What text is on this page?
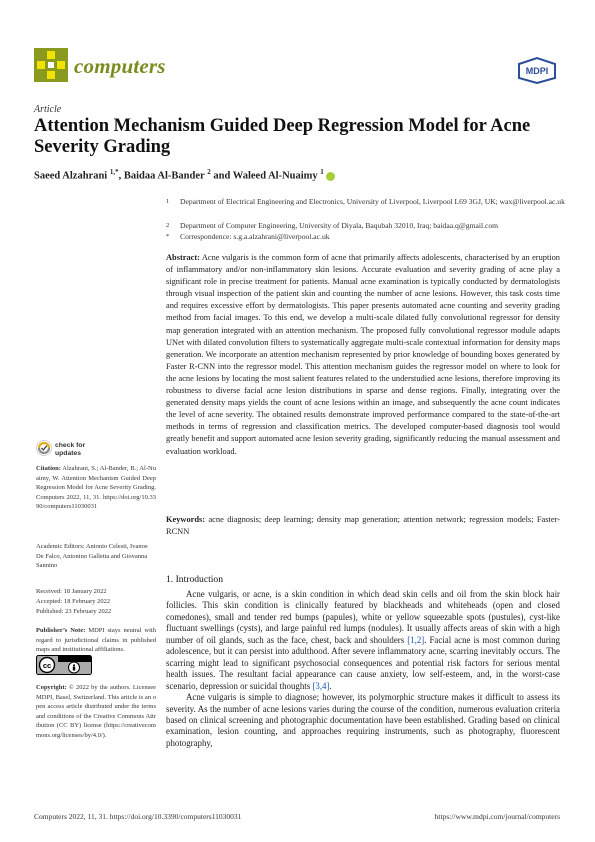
computers	MDPI
Article
Attention Mechanism Guided Deep Regression Model for Acne Severity Grading
Saeed Alzahrani $^{1,*}$, Baidaa Al-Bander $^2$ and Waleed Al-Nuaimy $^1$
1	Department of Electrical Engineering and Electronics, University of Liverpool, Liverpool L69 3GJ, UK; wax@liverpool.ac.uk
2	Department of Computer Engineering, University of Diyala, Baqubah 32010, Iraq; baidaa.q@gmail.com
*	Correspondence: s.g.a.alzahrani@liverpool.ac.uk
Abstract: Acne vulgaris is the common form of acne that primarily affects adolescents, characterised by an eruption of inflammatory and/or non-inflammatory skin lesions. Accurate evaluation and severity grading of acne play a significant role in precise treatment for patients. Manual acne examination is typically conducted by dermatologists through visual inspection of the patient skin and counting the number of acne lesions. However, this task costs time and requires excessive effort by dermatologists. This paper presents automated acne counting and severity grading method from facial images. To this end, we develop a multi-scale dilated fully convolutional regressor for density map generation integrated with an attention mechanism. The proposed fully convolutional regressor module adapts UNet with dilated convolution filters to systematically aggregate multi-scale contextual information for density maps generation. We incorporate an attention mechanism represented by prior knowledge of bounding boxes generated by Faster R-CNN into the regressor model. This attention mechanism guides the regressor model on where to look for the acne lesions by locating the most salient features related to the understudied acne lesions, therefore improving its robustness to diverse facial acne lesion distributions in sparse and dense regions. Finally, integrating over the generated density maps yields the count of acne lesions within an image, and subsequently the acne count indicates the level of acne severity. The obtained results demonstrate improved performance compared to the state-of-the-art methods in terms of regression and classification metrics. The developed computer-based diagnosis tool would greatly benefit and support automated acne lesion severity grading, significantly reducing the manual assessment and evaluation workload.
Keywords: acne diagnosis; deep learning; density map generation; attention network; regression models; Faster-RCNN
check for
updates
Citation: Alzahrani, S.; Al-Bander, B.; Al-Nuaimy, W. Attention Mechanism Guided Deep Regression Model for Acne Severity Grading. Computers 2022, 11, 31. https://doi.org/10.3390/computers11030031
Academic Editors: Antonio Celesti, Ivanoe De Falco, Antonino Galletta and Giovanna Sannino
Received: 18 January 2022
Accepted: 18 February 2022
Published: 23 February 2022
Publisher’s Note: MDPI stays neutral with regard to jurisdictional claims in published maps and institutional affiliations.
cc
Copyright: © 2022 by the authors. Licensee MDPI, Basel, Switzerland. This article is an open access article distributed under the terms and conditions of the Creative Commons Attribution (CC BY) license (https://creativecommons.org/licenses/by/4.0/).
1. Introduction

Acne vulgaris, or acne, is a skin condition in which dead skin cells and oil from the skin block hair follicles. This skin condition is clinically featured by blackheads and whiteheads (open and closed comedones), small and tender red bumps (papules), white or yellow squeezable spots (pustules), cyst-like fluctuant swellings (cysts), and large painful red lumps (nodules). It usually affects areas of skin with a high number of oil glands, such as the face, chest, back and shoulders [1,2]. Facial acne is most common during adolescence, but it can persist into adulthood. After severe inflammatory acne, scarring inevitably occurs. The scarring might lead to significant psychosocial consequences and potential risk factors for serious mental health issues. The resultant facial appearance can cause anxiety, low self-esteem, and, in the worst-case scenario, depression or suicidal thoughts [3,4].

Acne vulgaris is simple to diagnose; however, its polymorphic structure makes it difficult to assess its severity. As the number of acne lesions varies during the course of the condition, numerous evaluation criteria based on clinical screening and photographic documentation have been established. Grading based on clinical examination, lesion counting, and approaches requiring instruments, such as photography, fluorescent photography,

Computers 2022, 11, 31. https://doi.org/10.3390/computers11030031	https://www.mdpi.com/journal/computers
